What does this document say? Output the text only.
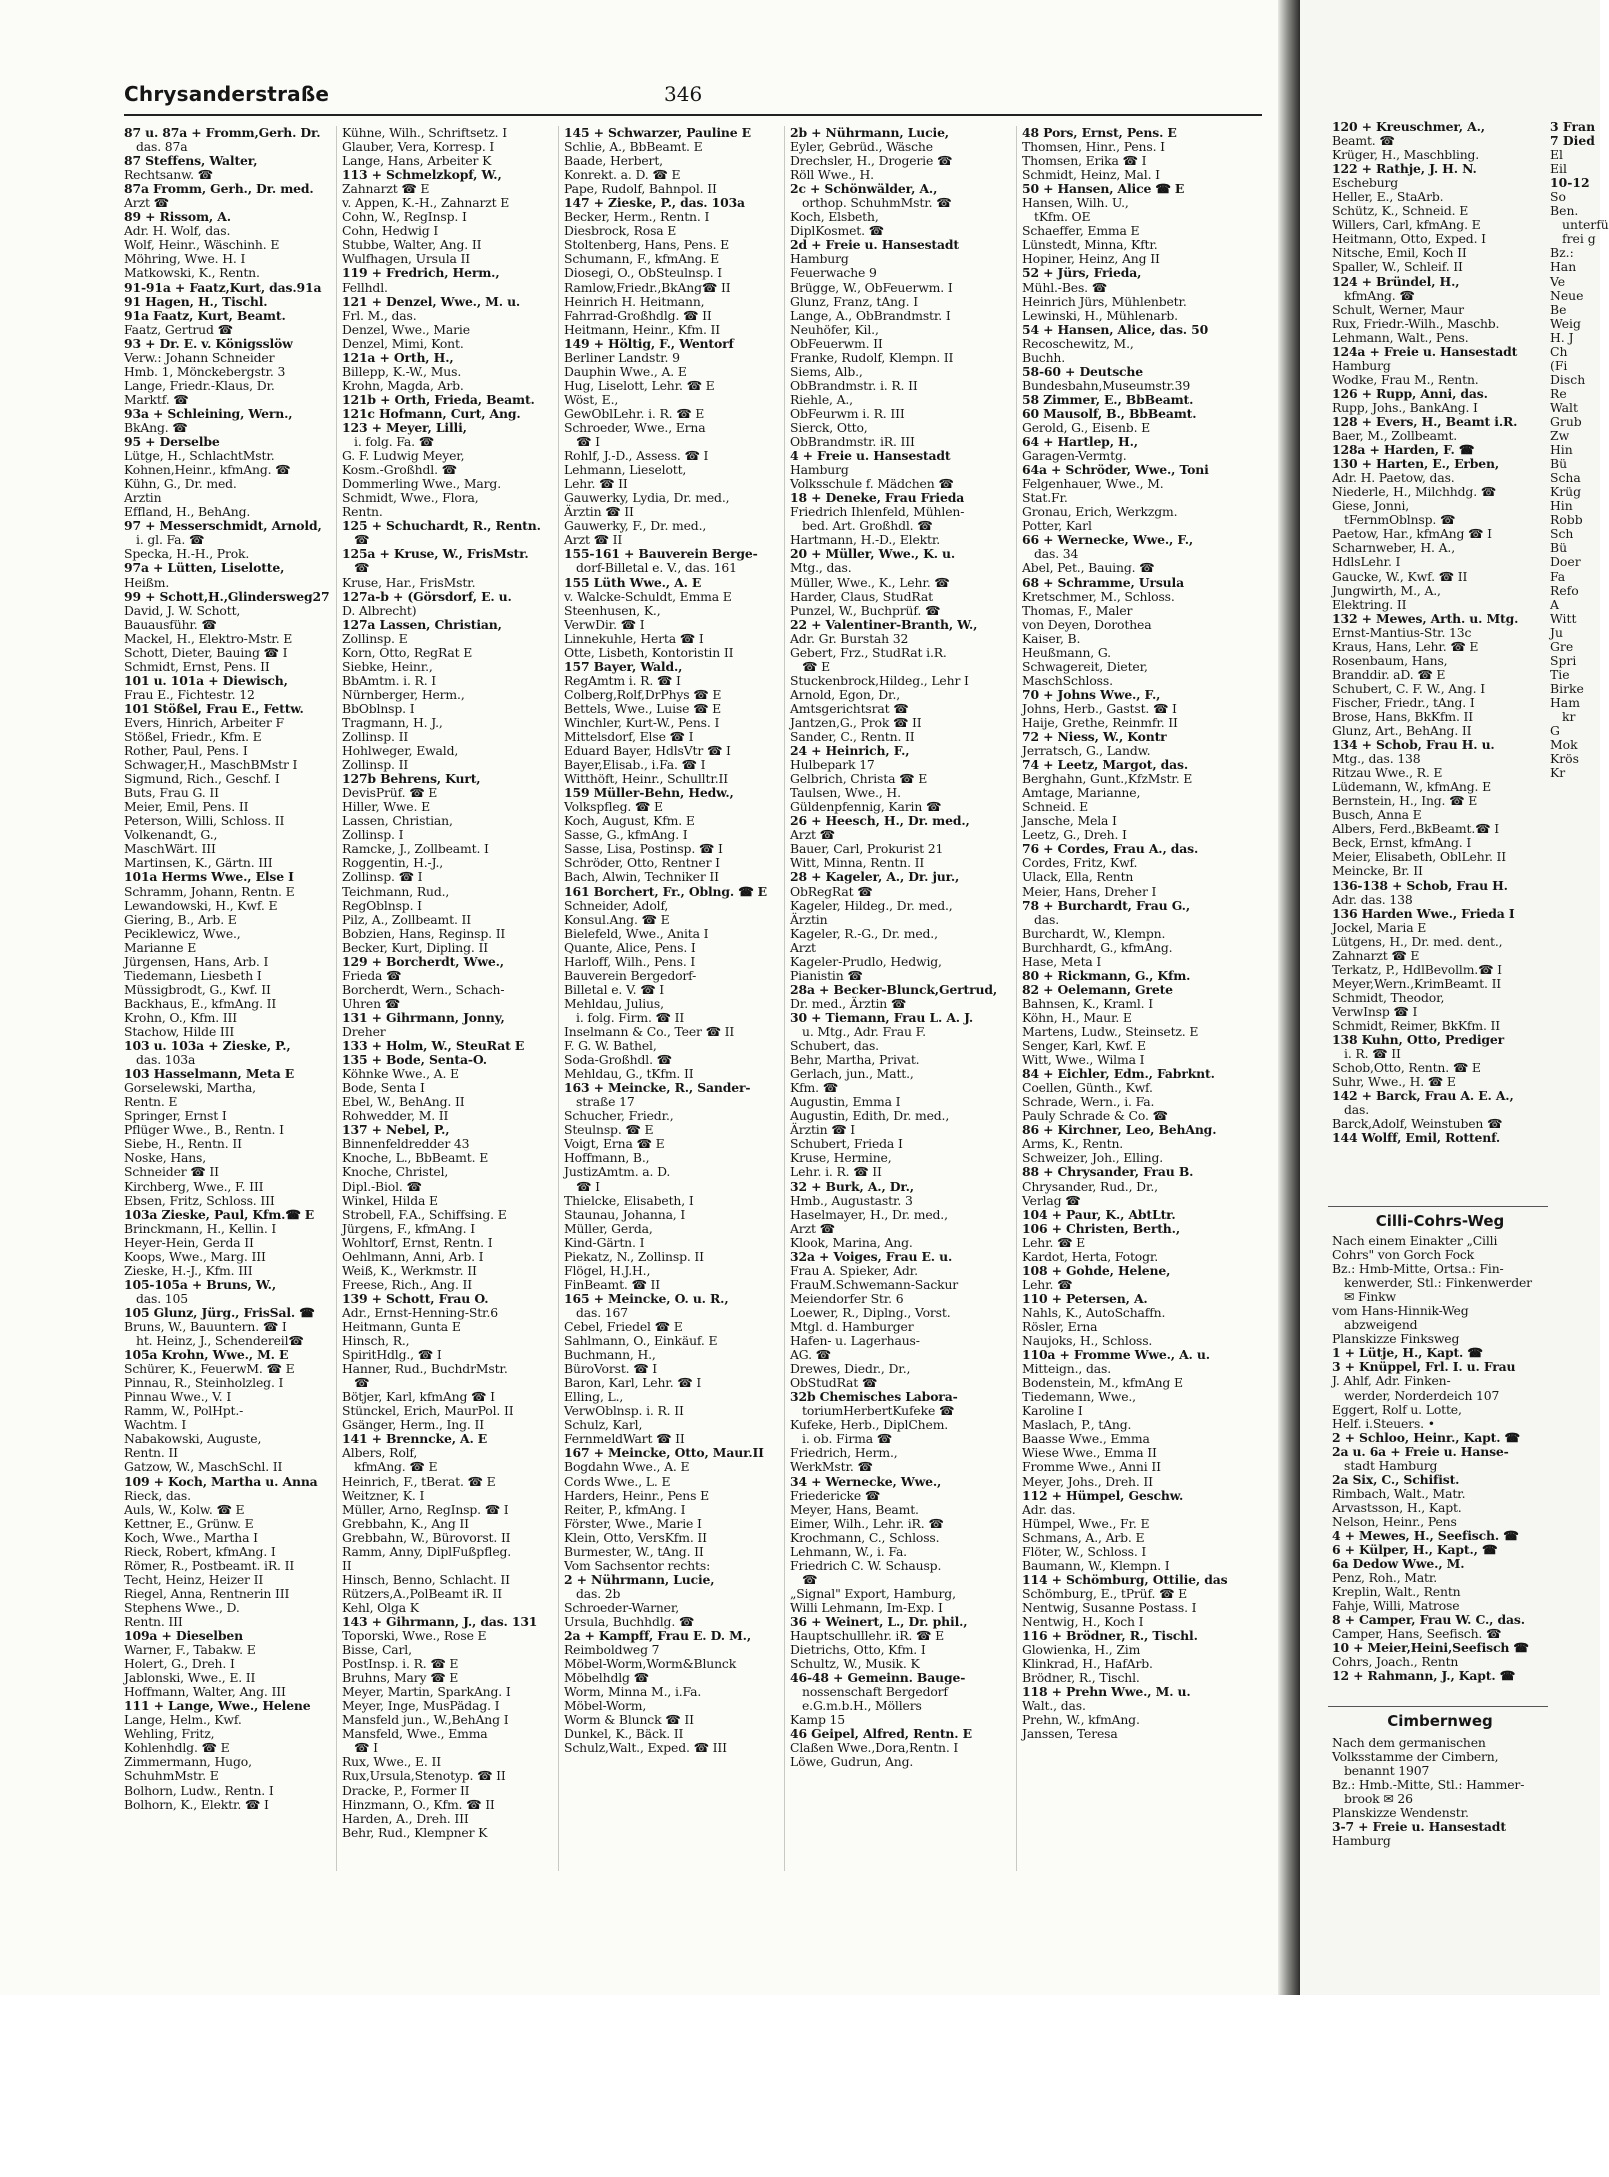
Chrysanderstraße	346
87 u. 87a + Fromm,Gerh. Dr.
das. 87a
87 Steffens, Walter,
Rechtsanw. ☎
87a Fromm, Gerh., Dr. med.
Arzt ☎
89 + Rissom, A.
Adr. H. Wolf, das.
Wolf, Heinr., Wäschinh. E
Möhring, Wwe. H. I
Matkowski, K., Rentn.
91-91a + Faatz,Kurt, das.91a
91 Hagen, H., Tischl.
91a Faatz, Kurt, Beamt.
Faatz, Gertrud ☎
93 + Dr. E. v. Königsslöw
Verw.: Johann Schneider
Hmb. 1, Mönckebergstr. 3
Lange, Friedr.-Klaus, Dr.
Marktf. ☎
93a + Schleining, Wern.,
BkAng. ☎
95 + Derselbe
Lütge, H., SchlachtMstr.
Kohnen,Heinr., kfmAng. ☎
Kühn, G., Dr. med.
Arztin
Effland, H., BehAng.
97 + Messerschmidt, Arnold,
i. gl. Fa. ☎
Specka, H.-H., Prok.
97a + Lütten, Liselotte,
Heißm.
99 + Schott,H.,Glindersweg27
David, J. W. Schott,
Bauausführ. ☎
Mackel, H., Elektro-Mstr. E
Schott, Dieter, Bauing ☎ I
Schmidt, Ernst, Pens. II
101 u. 101a + Diewisch,
Frau E., Fichtestr. 12
101 Stößel, Frau E., Fettw.
Evers, Hinrich, Arbeiter F
Stößel, Friedr., Kfm. E
Rother, Paul, Pens. I
Schwager,H., MaschBMstr I
Sigmund, Rich., Geschf. I
Buts, Frau G. II
Meier, Emil, Pens. II
Peterson, Willi, Schloss. II
Volkenandt, G.,
MaschWärt. III
Martinsen, K., Gärtn. III
101a Herms Wwe., Else I
Schramm, Johann, Rentn. E
Lewandowski, H., Kwf. E
Giering, B., Arb. E
Peciklewicz, Wwe.,
Marianne E
Jürgensen, Hans, Arb. I
Tiedemann, Liesbeth I
Müssigbrodt, G., Kwf. II
Backhaus, E., kfmAng. II
Krohn, O., Kfm. III
Stachow, Hilde III
103 u. 103a + Zieske, P.,
das. 103a
103 Hasselmann, Meta E
Gorselewski, Martha,
Rentn. E
Springer, Ernst I
Pflüger Wwe., B., Rentn. I
Siebe, H., Rentn. II
Noske, Hans,
Schneider ☎ II
Kirchberg, Wwe., F. III
Ebsen, Fritz, Schloss. III
103a Zieske, Paul, Kfm.☎ E
Brinckmann, H., Kellin. I
Heyer-Hein, Gerda II
Koops, Wwe., Marg. III
Zieske, H.-J., Kfm. III
105-105a + Bruns, W.,
das. 105
105 Glunz, Jürg., FrisSal. ☎
Bruns, W., Bauuntern. ☎ I
ht. Heinz, J., Schendereil☎
105a Krohn, Wwe., M. E
Schürer, K., FeuerwM. ☎ E
Pinnau, R., Steinholzleg. I
Pinnau Wwe., V. I
Ramm, W., PolHpt.-
Wachtm. I
Nabakowski, Auguste,
Rentn. II
Gatzow, W., MaschSchl. II
109 + Koch, Martha u. Anna
Rieck, das.
Auls, W., Kolw. ☎ E
Kettner, E., Grünw. E
Koch, Wwe., Martha I
Rieck, Robert, kfmAng. I
Römer, R., Postbeamt. iR. II
Techt, Heinz, Heizer II
Riegel, Anna, Rentnerin III
Stephens Wwe., D.
Rentn. III
109a + Dieselben
Warner, F., Tabakw. E
Holert, G., Dreh. I
Jablonski, Wwe., E. II
Hoffmann, Walter, Ang. III
111 + Lange, Wwe., Helene
Lange, Helm., Kwf.
Wehling, Fritz,
Kohlenhdlg. ☎ E
Zimmermann, Hugo,
SchuhmMstr. E
Bolhorn, Ludw., Rentn. I
Bolhorn, K., Elektr. ☎ I
Kühne, Wilh., Schriftsetz. I
Glauber, Vera, Korresp. I
Lange, Hans, Arbeiter K
113 + Schmelzkopf, W.,
Zahnarzt ☎ E
v. Appen, K.-H., Zahnarzt E
Cohn, W., RegInsp. I
Cohn, Hedwig I
Stubbe, Walter, Ang. II
Wulfhagen, Ursula II
119 + Fredrich, Herm.,
Fellhdl.
121 + Denzel, Wwe., M. u.
Frl. M., das.
Denzel, Wwe., Marie
Denzel, Mimi, Kont.
121a + Orth, H.,
Billepp, K.-W., Mus.
Krohn, Magda, Arb.
121b + Orth, Frieda, Beamt.
121c Hofmann, Curt, Ang.
123 + Meyer, Lilli,
i. folg. Fa. ☎
G. F. Ludwig Meyer,
Kosm.-Großhdl. ☎
Dommerling Wwe., Marg.
Schmidt, Wwe., Flora,
Rentn.
125 + Schuchardt, R., Rentn.
☎
125a + Kruse, W., FrisMstr.
☎
Kruse, Har., FrisMstr.
127a-b + (Görsdorf, E. u.
D. Albrecht)
127a Lassen, Christian,
Zollinsp. E
Korn, Otto, RegRat E
Siebke, Heinr.,
BbAmtm. i. R. I
Nürnberger, Herm.,
BbOblnsp. I
Tragmann, H. J.,
Zollinsp. II
Hohlweger, Ewald,
Zollinsp. II
127b Behrens, Kurt,
DevisPrüf. ☎ E
Hiller, Wwe. E
Lassen, Christian,
Zollinsp. I
Ramcke, J., Zollbeamt. I
Roggentin, H.-J.,
Zollinsp. ☎ I
Teichmann, Rud.,
RegOblnsp. I
Pilz, A., Zollbeamt. II
Bobzien, Hans, Reginsp. II
Becker, Kurt, Dipling. II
129 + Borcherdt, Wwe.,
Frieda ☎
Borcherdt, Wern., Schach-
Uhren ☎
131 + Gihrmann, Jonny,
Dreher
133 + Holm, W., SteuRat E
135 + Bode, Senta-O.
Köhnke Wwe., A. E
Bode, Senta I
Ebel, W., BehAng. II
Rohwedder, M. II
137 + Nebel, P.,
Binnenfeldredder 43
Knoche, L., BbBeamt. E
Knoche, Christel,
Dipl.-Biol. ☎
Winkel, Hilda E
Strobell, F.A., Schiffsing. E
Jürgens, F., kfmAng. I
Wohltorf, Ernst, Rentn. I
Oehlmann, Anni, Arb. I
Weiß, K., Werkmstr. II
Freese, Rich., Ang. II
139 + Schott, Frau O.
Adr., Ernst-Henning-Str.6
Heitmann, Gunta E
Hinsch, R.,
SpiritHdlg., ☎ I
Hanner, Rud., BuchdrMstr.
☎
Bötjer, Karl, kfmAng ☎ I
Stünckel, Erich, MaurPol. II
Gsänger, Herm., Ing. II
141 + Brenncke, A. E
Albers, Rolf,
kfmAng. ☎ E
Heinrich, F., tBerat. ☎ E
Weitzner, K. I
Müller, Arno, RegInsp. ☎ I
Grebbahn, K., Ang II
Grebbahn, W., Bürovorst. II
Ramm, Anny, DiplFußpfleg.
II
Hinsch, Benno, Schlacht. II
Rützers,A.,PolBeamt iR. II
Kehl, Olga K
143 + Gihrmann, J., das. 131
Toporski, Wwe., Rose E
Bisse, Carl,
PostInsp. i. R. ☎ E
Bruhns, Mary ☎ E
Meyer, Martin, SparkAng. I
Meyer, Inge, MusPädag. I
Mansfeld jun., W.,BehAng I
Mansfeld, Wwe., Emma
☎ I
Rux, Wwe., E. II
Rux,Ursula,Stenotyp. ☎ II
Dracke, P., Former II
Hinzmann, O., Kfm. ☎ II
Harden, A., Dreh. III
Behr, Rud., Klempner K
145 + Schwarzer, Pauline E
Schlie, A., BbBeamt. E
Baade, Herbert,
Konrekt. a. D. ☎ E
Pape, Rudolf, Bahnpol. II
147 + Zieske, P., das. 103a
Becker, Herm., Rentn. I
Diesbrock, Rosa E
Stoltenberg, Hans, Pens. E
Schumann, F., kfmAng. E
Diosegi, O., ObSteulnsp. I
Ramlow,Friedr.,BkAng☎ II
Heinrich H. Heitmann,
Fahrrad-Großhdlg. ☎ II
Heitmann, Heinr., Kfm. II
149 + Höltig, F., Wentorf
Berliner Landstr. 9
Dauphin Wwe., A. E
Hug, Liselott, Lehr. ☎ E
Wöst, E.,
GewOblLehr. i. R. ☎ E
Schroeder, Wwe., Erna
☎ I
Rohlf, J.-D., Assess. ☎ I
Lehmann, Lieselott,
Lehr. ☎ II
Gauwerky, Lydia, Dr. med.,
Ärztin ☎ II
Gauwerky, F., Dr. med.,
Arzt ☎ II
155-161 + Bauverein Berge-
dorf-Billetal e. V., das. 161
155 Lüth Wwe., A. E
v. Walcke-Schuldt, Emma E
Steenhusen, K.,
VerwDir. ☎ I
Linnekuhle, Herta ☎ I
Otte, Lisbeth, Kontoristin II
157 Bayer, Wald.,
RegAmtm i. R. ☎ I
Colberg,Rolf,DrPhys ☎ E
Bettels, Wwe., Luise ☎ E
Winchler, Kurt-W., Pens. I
Mittelsdorf, Else ☎ I
Eduard Bayer, HdlsVtr ☎ I
Bayer,Elisab., i.Fa. ☎ I
Witthöft, Heinr., Schulltr.II
159 Müller-Behn, Hedw.,
Volkspfleg. ☎ E
Koch, August, Kfm. E
Sasse, G., kfmAng. I
Sasse, Lisa, Postinsp. ☎ I
Schröder, Otto, Rentner I
Bach, Alwin, Techniker II
161 Borchert, Fr., Oblng. ☎ E
Schneider, Adolf,
Konsul.Ang. ☎ E
Bielefeld, Wwe., Anita I
Quante, Alice, Pens. I
Harloff, Wilh., Pens. I
Bauverein Bergedorf-
Billetal e. V. ☎ I
Mehldau, Julius,
i. folg. Firm. ☎ II
Inselmann & Co., Teer ☎ II
F. G. W. Bathel,
Soda-Großhdl. ☎
Mehldau, G., tKfm. II
163 + Meincke, R., Sander-
straße 17
Schucher, Friedr.,
Steulnsp. ☎ E
Voigt, Erna ☎ E
Hoffmann, B.,
JustizAmtm. a. D.
☎ I
Thielcke, Elisabeth, I
Staunau, Johanna, I
Müller, Gerda,
Kind-Gärtn. I
Piekatz, N., Zollinsp. II
Flögel, H.J.H.,
FinBeamt. ☎ II
165 + Meincke, O. u. R.,
das. 167
Cebel, Friedel ☎ E
Sahlmann, O., Einkäuf. E
Buchmann, H.,
BüroVorst. ☎ I
Baron, Karl, Lehr. ☎ I
Elling, L.,
VerwOblnsp. i. R. II
Schulz, Karl,
FernmeldWart ☎ II
167 + Meincke, Otto, Maur.II
Bogdahn Wwe., A. E
Cords Wwe., L. E
Harders, Heinr., Pens E
Reiter, P., kfmAng. I
Förster, Wwe., Marie I
Klein, Otto, VersKfm. II
Burmester, W., tAng. II
Vom Sachsentor rechts:
2 + Nührmann, Lucie,
das. 2b
Schroeder-Warner,
Ursula, Buchhdlg. ☎
2a + Kampff, Frau E. D. M.,
Reimboldweg 7
Möbel-Worm,Worm&Blunck
Möbelhdlg ☎
Worm, Minna M., i.Fa.
Möbel-Worm,
Worm & Blunck ☎ II
Dunkel, K., Bäck. II
Schulz,Walt., Exped. ☎ III
2b + Nührmann, Lucie,
Eyler, Gebrüd., Wäsche
Drechsler, H., Drogerie ☎
Röll Wwe., H.
2c + Schönwälder, A.,
orthop. SchuhmMstr. ☎
Koch, Elsbeth,
DiplKosmet. ☎
2d + Freie u. Hansestadt
Hamburg
Feuerwache 9
Brügge, W., ObFeuerwm. I
Glunz, Franz, tAng. I
Lange, A., ObBrandmstr. I
Neuhöfer, Kil.,
ObFeuerwm. II
Franke, Rudolf, Klempn. II
Siems, Alb.,
ObBrandmstr. i. R. II
Riehle, A.,
ObFeurwm i. R. III
Sierck, Otto,
ObBrandmstr. iR. III
4 + Freie u. Hansestadt
Hamburg
Volksschule f. Mädchen ☎
18 + Deneke, Frau Frieda
Friedrich Ihlenfeld, Mühlen-
bed. Art. Großhdl. ☎
Hartmann, H.-D., Elektr.
20 + Müller, Wwe., K. u.
Mtg., das.
Müller, Wwe., K., Lehr. ☎
Harder, Claus, StudRat
Punzel, W., Buchprüf. ☎
22 + Valentiner-Branth, W.,
Adr. Gr. Burstah 32
Gebert, Frz., StudRat i.R.
☎ E
Stuckenbrock,Hildeg., Lehr I
Arnold, Egon, Dr.,
Amtsgerichtsrat ☎
Jantzen,G., Prok ☎ II
Sander, C., Rentn. II
24 + Heinrich, F.,
Hulbepark 17
Gelbrich, Christa ☎ E
Taulsen, Wwe., H.
Güldenpfennig, Karin ☎
26 + Heesch, H., Dr. med.,
Arzt ☎
Bauer, Carl, Prokurist 21
Witt, Minna, Rentn. II
28 + Kageler, A., Dr. jur.,
ObRegRat ☎
Kageler, Hildeg., Dr. med.,
Ärztin
Kageler, R.-G., Dr. med.,
Arzt
Kageler-Prudlo, Hedwig,
Pianistin ☎
28a + Becker-Blunck,Gertrud,
Dr. med., Ärztin ☎
30 + Tiemann, Frau L. A. J.
u. Mtg., Adr. Frau F.
Schubert, das.
Behr, Martha, Privat.
Gerlach, jun., Matt.,
Kfm. ☎
Augustin, Emma I
Augustin, Edith, Dr. med.,
Ärztin ☎ I
Schubert, Frieda I
Kruse, Hermine,
Lehr. i. R. ☎ II
32 + Burk, A., Dr.,
Hmb., Augustastr. 3
Haselmayer, H., Dr. med.,
Arzt ☎
Klook, Marina, Ang.
32a + Voiges, Frau E. u.
Frau A. Spieker, Adr.
FrauM.Schwemann-Sackur
Meiendorfer Str. 6
Loewer, R., Diplng., Vorst.
Mtgl. d. Hamburger
Hafen- u. Lagerhaus-
AG. ☎
Drewes, Diedr., Dr.,
ObStudRat ☎
32b Chemisches Labora-
toriumHerbertKufeke ☎
Kufeke, Herb., DiplChem.
i. ob. Firma ☎
Friedrich, Herm.,
WerkMstr. ☎
34 + Wernecke, Wwe.,
Friedericke ☎
Meyer, Hans, Beamt.
Eimer, Wilh., Lehr. iR. ☎
Krochmann, C., Schloss.
Lehmann, W., i. Fa.
Friedrich C. W. Schausp.
☎
„Signal" Export, Hamburg,
Willi Lehmann, Im-Exp. I
36 + Weinert, L., Dr. phil.,
Hauptschulllehr. iR. ☎ E
Dietrichs, Otto, Kfm. I
Schultz, W., Musik. K
46-48 + Gemeinn. Bauge-
nossenschaft Bergedorf
e.G.m.b.H., Möllers
Kamp 15
46 Geipel, Alfred, Rentn. E
Claßen Wwe.,Dora,Rentn. I
Löwe, Gudrun, Ang.
48 Pors, Ernst, Pens. E
Thomsen, Hinr., Pens. I
Thomsen, Erika ☎ I
Schmidt, Heinz, Mal. I
50 + Hansen, Alice ☎ E
Hansen, Wilh. U.,
tKfm. OE
Schaeffer, Emma E
Lünstedt, Minna, Kftr.
Hopiner, Heinz, Ang II
52 + Jürs, Frieda,
Mühl.-Bes. ☎
Heinrich Jürs, Mühlenbetr.
Lewinski, H., Mühlenarb.
54 + Hansen, Alice, das. 50
Recoschewitz, M.,
Buchh.
58-60 + Deutsche
Bundesbahn,Museumstr.39
58 Zimmer, E., BbBeamt.
60 Mausolf, B., BbBeamt.
Gerold, G., Eisenb. E
64 + Hartlep, H.,
Garagen-Vermtg.
64a + Schröder, Wwe., Toni
Felgenhauer, Wwe., M.
Stat.Fr.
Gronau, Erich, Werkzgm.
Potter, Karl
66 + Wernecke, Wwe., F.,
das. 34
Abel, Pet., Bauing. ☎
68 + Schramme, Ursula
Kretschmer, M., Schloss.
Thomas, F., Maler
von Deyen, Dorothea
Kaiser, B.
Heußmann, G.
Schwagereit, Dieter,
MaschSchloss.
70 + Johns Wwe., F.,
Johns, Herb., Gastst. ☎ I
Haije, Grethe, Reinmfr. II
72 + Niess, W., Kontr
Jerratsch, G., Landw.
74 + Leetz, Margot, das.
Berghahn, Gunt.,KfzMstr. E
Amtage, Marianne,
Schneid. E
Jansche, Mela I
Leetz, G., Dreh. I
76 + Cordes, Frau A., das.
Cordes, Fritz, Kwf.
Ulack, Ella, Rentn
Meier, Hans, Dreher I
78 + Burchardt, Frau G.,
das.
Burchardt, W., Klempn.
Burchhardt, G., kfmAng.
Hase, Meta I
80 + Rickmann, G., Kfm.
82 + Oelemann, Grete
Bahnsen, K., Kraml. I
Köhn, H., Maur. E
Martens, Ludw., Steinsetz. E
Senger, Karl, Kwf. E
Witt, Wwe., Wilma I
84 + Eichler, Edm., Fabrknt.
Coellen, Günth., Kwf.
Schrade, Wern., i. Fa.
Pauly Schrade & Co. ☎
86 + Kirchner, Leo, BehAng.
Arms, K., Rentn.
Schweizer, Joh., Elling.
88 + Chrysander, Frau B.
Chrysander, Rud., Dr.,
Verlag ☎
104 + Paur, K., AbtLtr.
106 + Christen, Berth.,
Lehr. ☎ E
Kardot, Herta, Fotogr.
108 + Gohde, Helene,
Lehr. ☎
110 + Petersen, A.
Nahls, K., AutoSchaffn.
Rösler, Erna
Naujoks, H., Schloss.
110a + Fromme Wwe., A. u.
Mitteign., das.
Bodenstein, M., kfmAng E
Tiedemann, Wwe.,
Karoline I
Maslach, P., tAng.
Baasse Wwe., Emma
Wiese Wwe., Emma II
Fromme Wwe., Anni II
Meyer, Johs., Dreh. II
112 + Hümpel, Geschw.
Adr. das.
Hümpel, Wwe., Fr. E
Schmans, A., Arb. E
Flöter, W., Schloss. I
Baumann, W., Klempn. I
114 + Schömburg, Ottilie, das
Schömburg, E., tPrüf. ☎ E
Nentwig, Susanne Postass. I
Nentwig, H., Koch I
116 + Brödner, R., Tischl.
Glowienka, H., Zim
Klinkrad, H., HafArb.
Brödner, R., Tischl.
118 + Prehn Wwe., M. u.
Walt., das.
Prehn, W., kfmAng.
Janssen, Teresa
120 + Kreuschmer, A.,
Beamt. ☎
Krüger, H., Maschbling.
122 + Rathje, J. H. N.
Escheburg
Heller, E., StaArb.
Schütz, K., Schneid. E
Willers, Carl, kfmAng. E
Heitmann, Otto, Exped. I
Nitsche, Emil, Koch II
Spaller, W., Schleif. II
124 + Bründel, H.,
kfmAng. ☎
Schult, Werner, Maur
Rux, Friedr.-Wilh., Maschb.
Lehmann, Walt., Pens.
124a + Freie u. Hansestadt
Hamburg
Wodke, Frau M., Rentn.
126 + Rupp, Anni, das.
Rupp, Johs., BankAng. I
128 + Evers, H., Beamt i.R.
Baer, M., Zollbeamt.
128a + Harden, F. ☎
130 + Harten, E., Erben,
Adr. H. Paetow, das.
Niederle, H., Milchhdg. ☎
Giese, Jonni,
tFernmOblnsp. ☎
Paetow, Har., kfmAng ☎ I
Scharnweber, H. A.,
HdlsLehr. I
Gaucke, W., Kwf. ☎ II
Jungwirth, M., A.,
Elektring. II
132 + Mewes, Arth. u. Mtg.
Ernst-Mantius-Str. 13c
Kraus, Hans, Lehr. ☎ E
Rosenbaum, Hans,
Branddir. aD. ☎ E
Schubert, C. F. W., Ang. I
Fischer, Friedr., tAng. I
Brose, Hans, BkKfm. II
Glunz, Art., BehAng. II
134 + Schob, Frau H. u.
Mtg., das. 138
Ritzau Wwe., R. E
Lüdemann, W., kfmAng. E
Bernstein, H., Ing. ☎ E
Busch, Anna E
Albers, Ferd.,BkBeamt.☎ I
Beck, Ernst, kfmAng. I
Meier, Elisabeth, OblLehr. II
Meincke, Br. II
136-138 + Schob, Frau H.
Adr. das. 138
136 Harden Wwe., Frieda I
Jockel, Maria E
Lütgens, H., Dr. med. dent.,
Zahnarzt ☎ E
Terkatz, P., HdlBevollm.☎ I
Meyer,Wern.,KrimBeamt. II
Schmidt, Theodor,
VerwInsp ☎ I
Schmidt, Reimer, BkKfm. II
138 Kuhn, Otto, Prediger
i. R. ☎ II
Schob,Otto, Rentn. ☎ E
Suhr, Wwe., H. ☎ E
142 + Barck, Frau A. E. A.,
das.
Barck,Adolf, Weinstuben ☎
144 Wolff, Emil, Rottenf.
Cilli-Cohrs-Weg
Nach einem Einakter „Cilli
Cohrs" von Gorch Fock
Bz.: Hmb-Mitte, Ortsa.: Fin-
kenwerder, Stl.: Finkenwerder
✉ Finkw
vom Hans-Hinnik-Weg
abzweigend
Planskizze Finksweg
1 + Lütje, H., Kapt. ☎
3 + Knüppel, Frl. I. u. Frau
J. Ahlf, Adr. Finken-
werder, Norderdeich 107
Eggert, Rolf u. Lotte,
Helf. i.Steuers. •
2 + Schloo, Heinr., Kapt. ☎
2a u. 6a + Freie u. Hanse-
stadt Hamburg
2a Six, C., Schifist.
Rimbach, Walt., Matr.
Arvastsson, H., Kapt.
Nelson, Heinr., Pens
4 + Mewes, H., Seefisch. ☎
6 + Külper, H., Kapt., ☎
6a Dedow Wwe., M.
Penz, Roh., Matr.
Kreplin, Walt., Rentn
Fahje, Willi, Matrose
8 + Camper, Frau W. C., das.
Camper, Hans, Seefisch. ☎
10 + Meier,Heini,Seefisch ☎
Cohrs, Joach., Rentn
12 + Rahmann, J., Kapt. ☎
Cimbernweg
Nach dem germanischen
Volksstamme der Cimbern,
benannt 1907
Bz.: Hmb.-Mitte, Stl.: Hammer-
brook ✉ 26
Planskizze Wendenstr.
3-7 + Freie u. Hansestadt
Hamburg
3 Fran
7 Died
El
Eil
10-12
So
Ben.
unterfü
frei g
Bz.:
Han
Ve
Neue
Be
Weig
H. J
Ch
(Fi
Disch
Re
Walt
Grub
Zw
Hin
Bü
Scha
Krüg
Hin
Robb
Sch
Bü
Doer
Fa
Refo
A
Witt
Ju
Gre
Spri
Tie
Birke
Ham
kr
G
Mok
Krös
Kr
